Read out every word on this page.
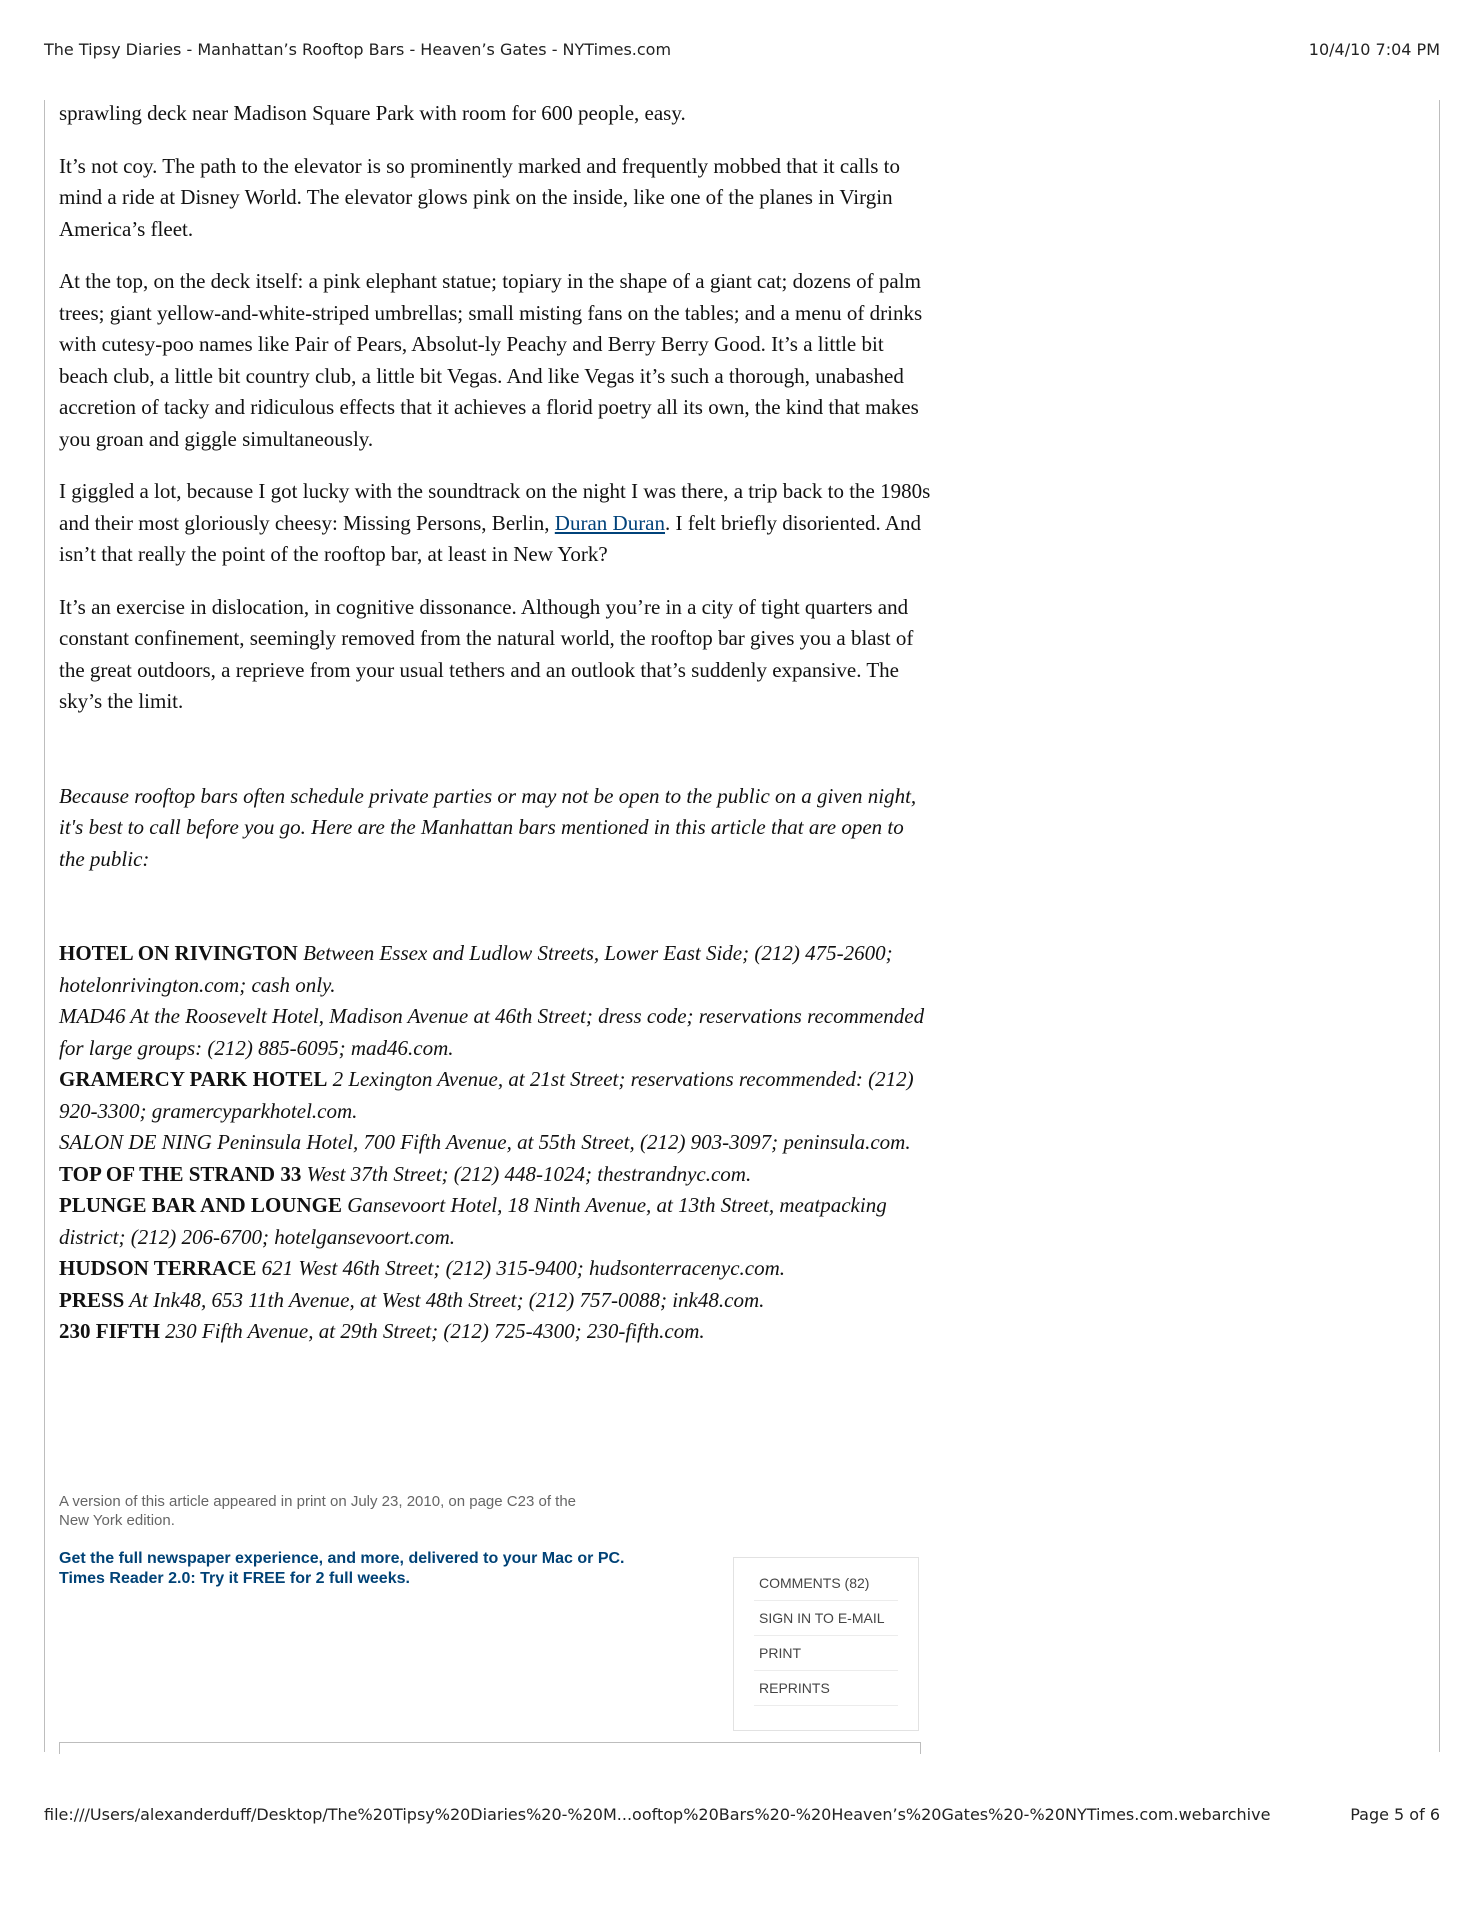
The Tipsy Diaries - Manhattan’s Rooftop Bars - Heaven’s Gates - NYTimes.com	10/4/10 7:04 PM

sprawling deck near Madison Square Park with room for 600 people, easy.

It’s not coy. The path to the elevator is so prominently marked and frequently mobbed that it calls to mind a ride at Disney World. The elevator glows pink on the inside, like one of the planes in Virgin America’s fleet.

At the top, on the deck itself: a pink elephant statue; topiary in the shape of a giant cat; dozens of palm trees; giant yellow-and-white-striped umbrellas; small misting fans on the tables; and a menu of drinks with cutesy-poo names like Pair of Pears, Absolut-ly Peachy and Berry Berry Good. It’s a little bit beach club, a little bit country club, a little bit Vegas. And like Vegas it’s such a thorough, unabashed accretion of tacky and ridiculous effects that it achieves a florid poetry all its own, the kind that makes you groan and giggle simultaneously.

I giggled a lot, because I got lucky with the soundtrack on the night I was there, a trip back to the 1980s and their most gloriously cheesy: Missing Persons, Berlin, Duran Duran. I felt briefly disoriented. And isn’t that really the point of the rooftop bar, at least in New York?

It’s an exercise in dislocation, in cognitive dissonance. Although you’re in a city of tight quarters and constant confinement, seemingly removed from the natural world, the rooftop bar gives you a blast of the great outdoors, a reprieve from your usual tethers and an outlook that’s suddenly expansive. The sky’s the limit.

Because rooftop bars often schedule private parties or may not be open to the public on a given night, it's best to call before you go. Here are the Manhattan bars mentioned in this article that are open to the public:

HOTEL ON RIVINGTON Between Essex and Ludlow Streets, Lower East Side; (212) 475-2600; hotelonrivington.com; cash only.
MAD46 At the Roosevelt Hotel, Madison Avenue at 46th Street; dress code; reservations recommended for large groups: (212) 885-6095; mad46.com.
GRAMERCY PARK HOTEL 2 Lexington Avenue, at 21st Street; reservations recommended: (212) 920-3300; gramercyparkhotel.com.
SALON DE NING Peninsula Hotel, 700 Fifth Avenue, at 55th Street, (212) 903-3097; peninsula.com.
TOP OF THE STRAND 33 West 37th Street; (212) 448-1024; thestrandnyc.com.
PLUNGE BAR AND LOUNGE Gansevoort Hotel, 18 Ninth Avenue, at 13th Street, meatpacking district; (212) 206-6700; hotelgansevoort.com.
HUDSON TERRACE 621 West 46th Street; (212) 315-9400; hudsonterracenyc.com.
PRESS At Ink48, 653 11th Avenue, at West 48th Street; (212) 757-0088; ink48.com.
230 FIFTH 230 Fifth Avenue, at 29th Street; (212) 725-4300; 230-fifth.com.
A version of this article appeared in print on July 23, 2010, on page C23 of the New York edition.
Get the full newspaper experience, and more, delivered to your Mac or PC.
Times Reader 2.0: Try it FREE for 2 full weeks.	COMMENTS (82)
SIGN IN TO E-MAIL
PRINT
REPRINTS
file:///Users/alexanderduff/Desktop/The%20Tipsy%20Diaries%20-%20M...ooftop%20Bars%20-%20Heaven’s%20Gates%20-%20NYTimes.com.webarchive	Page 5 of 6
